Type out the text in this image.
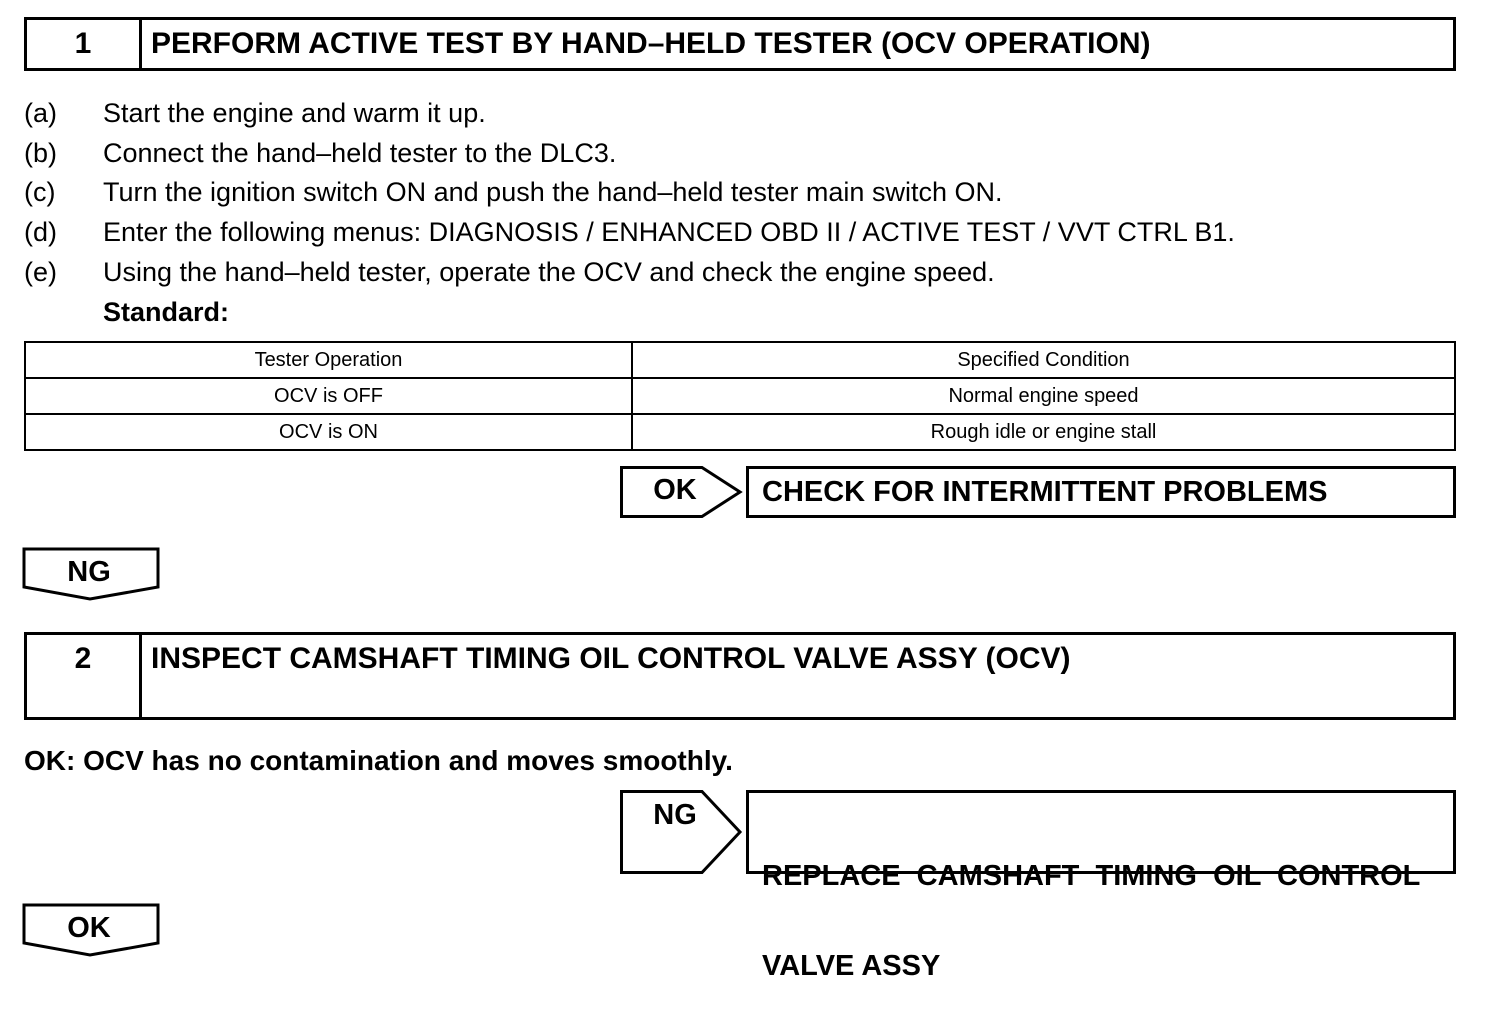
1	PERFORM ACTIVE TEST BY HAND–HELD TESTER (OCV OPERATION)
(a) Start the engine and warm it up.
(b) Connect the hand–held tester to the DLC3.
(c) Turn the ignition switch ON and push the hand–held tester main switch ON.
(d) Enter the following menus: DIAGNOSIS / ENHANCED OBD II / ACTIVE TEST / VVT CTRL B1.
(e) Using the hand–held tester, operate the OCV and check the engine speed.
Standard:
Tester Operation	Specified Condition
OCV is OFF	Normal engine speed
OCV is ON	Rough idle or engine stall
OK	CHECK FOR INTERMITTENT PROBLEMS
NG
2	INSPECT CAMSHAFT TIMING OIL CONTROL VALVE ASSY (OCV)
OK: OCV has no contamination and moves smoothly.
NG

REPLACE  CAMSHAFT  TIMING  OIL  CONTROL

VALVE ASSY

OK
